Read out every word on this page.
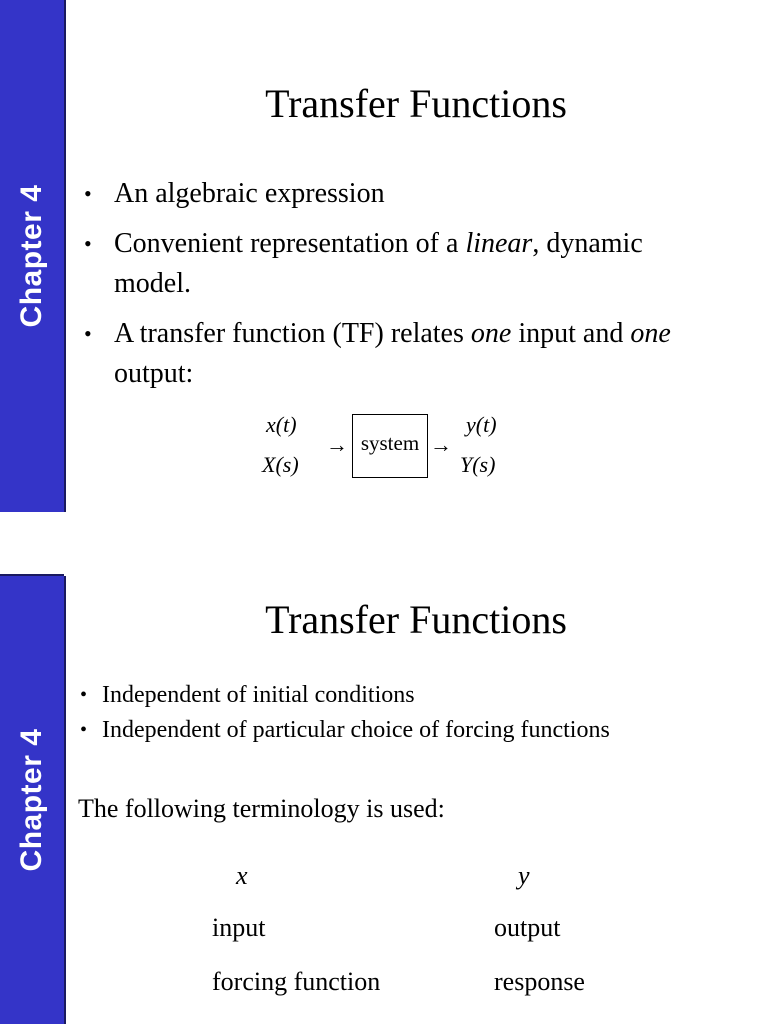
Chapter 4
Transfer Functions
• An algebraic expression
• Convenient representation of a linear, dynamic model.
• A transfer function (TF) relates one input and one output:
x(t)
X(s)
→ system →
y(t)
Y(s)
Chapter 4
Transfer Functions
• Independent of initial conditions
• Independent of particular choice of forcing functions
The following terminology is used:
x	y
input	output
forcing function	response
